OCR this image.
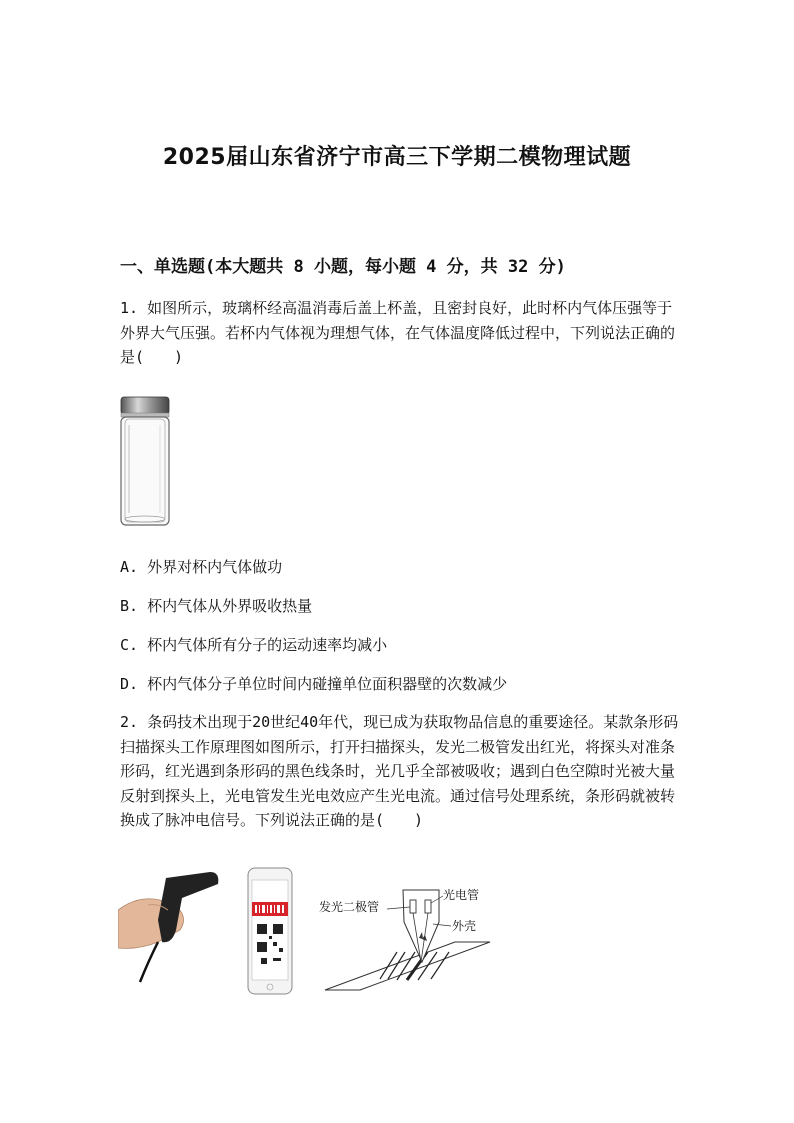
2025届山东省济宁市高三下学期二模物理试题
一、单选题(本大题共 8 小题，每小题 4 分，共 32 分)

1. 如图所示，玻璃杯经高温消毒后盖上杯盖，且密封良好，此时杯内气体压强等于外界大气压强。若杯内气体视为理想气体，在气体温度降低过程中，下列说法正确的是(　　)

A. 外界对杯内气体做功
B. 杯内气体从外界吸收热量
C. 杯内气体所有分子的运动速率均减小
D. 杯内气体分子单位时间内碰撞单位面积器壁的次数减少

2. 条码技术出现于20世纪40年代，现已成为获取物品信息的重要途径。某款条形码扫描探头工作原理图如图所示，打开扫描探头，发光二极管发出红光，将探头对准条形码，红光遇到条形码的黑色线条时，光几乎全部被吸收；遇到白色空隙时光被大量反射到探头上，光电管发生光电效应产生光电流。通过信号处理系统，条形码就被转换成了脉冲电信号。下列说法正确的是(　　)

发光二极管
光电管
外壳
